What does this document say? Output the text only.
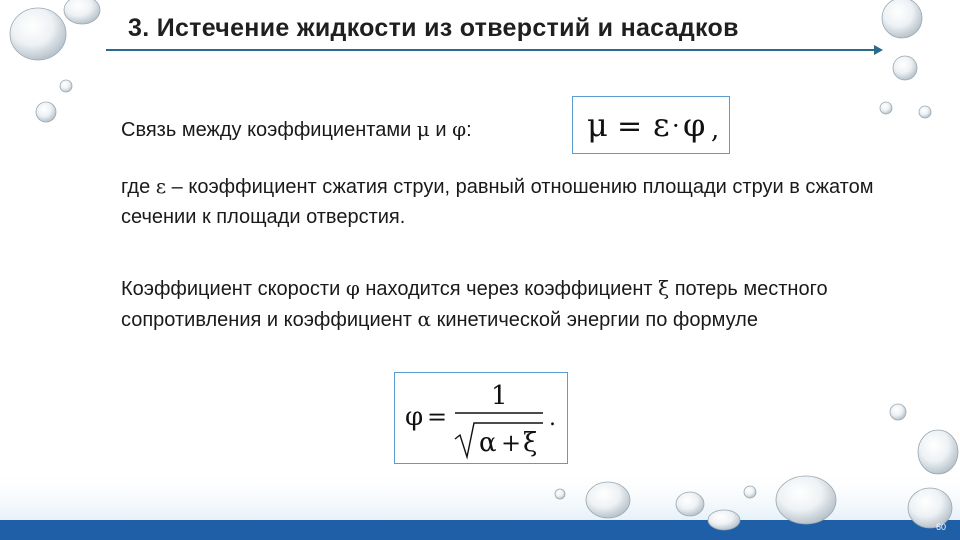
3. Истечение жидкости из отверстий и насадков
Связь между коэффициентами μ и φ:	μ = ε · φ ,
где ε – коэффициент сжатия струи, равный отношению площади струи в сжатом сечении к площади отверстия.
Коэффициент скорости φ находится через коэффициент ξ потерь местного сопротивления и коэффициент α кинетической энергии по формуле
φ =
1
α + ξ
.
60
